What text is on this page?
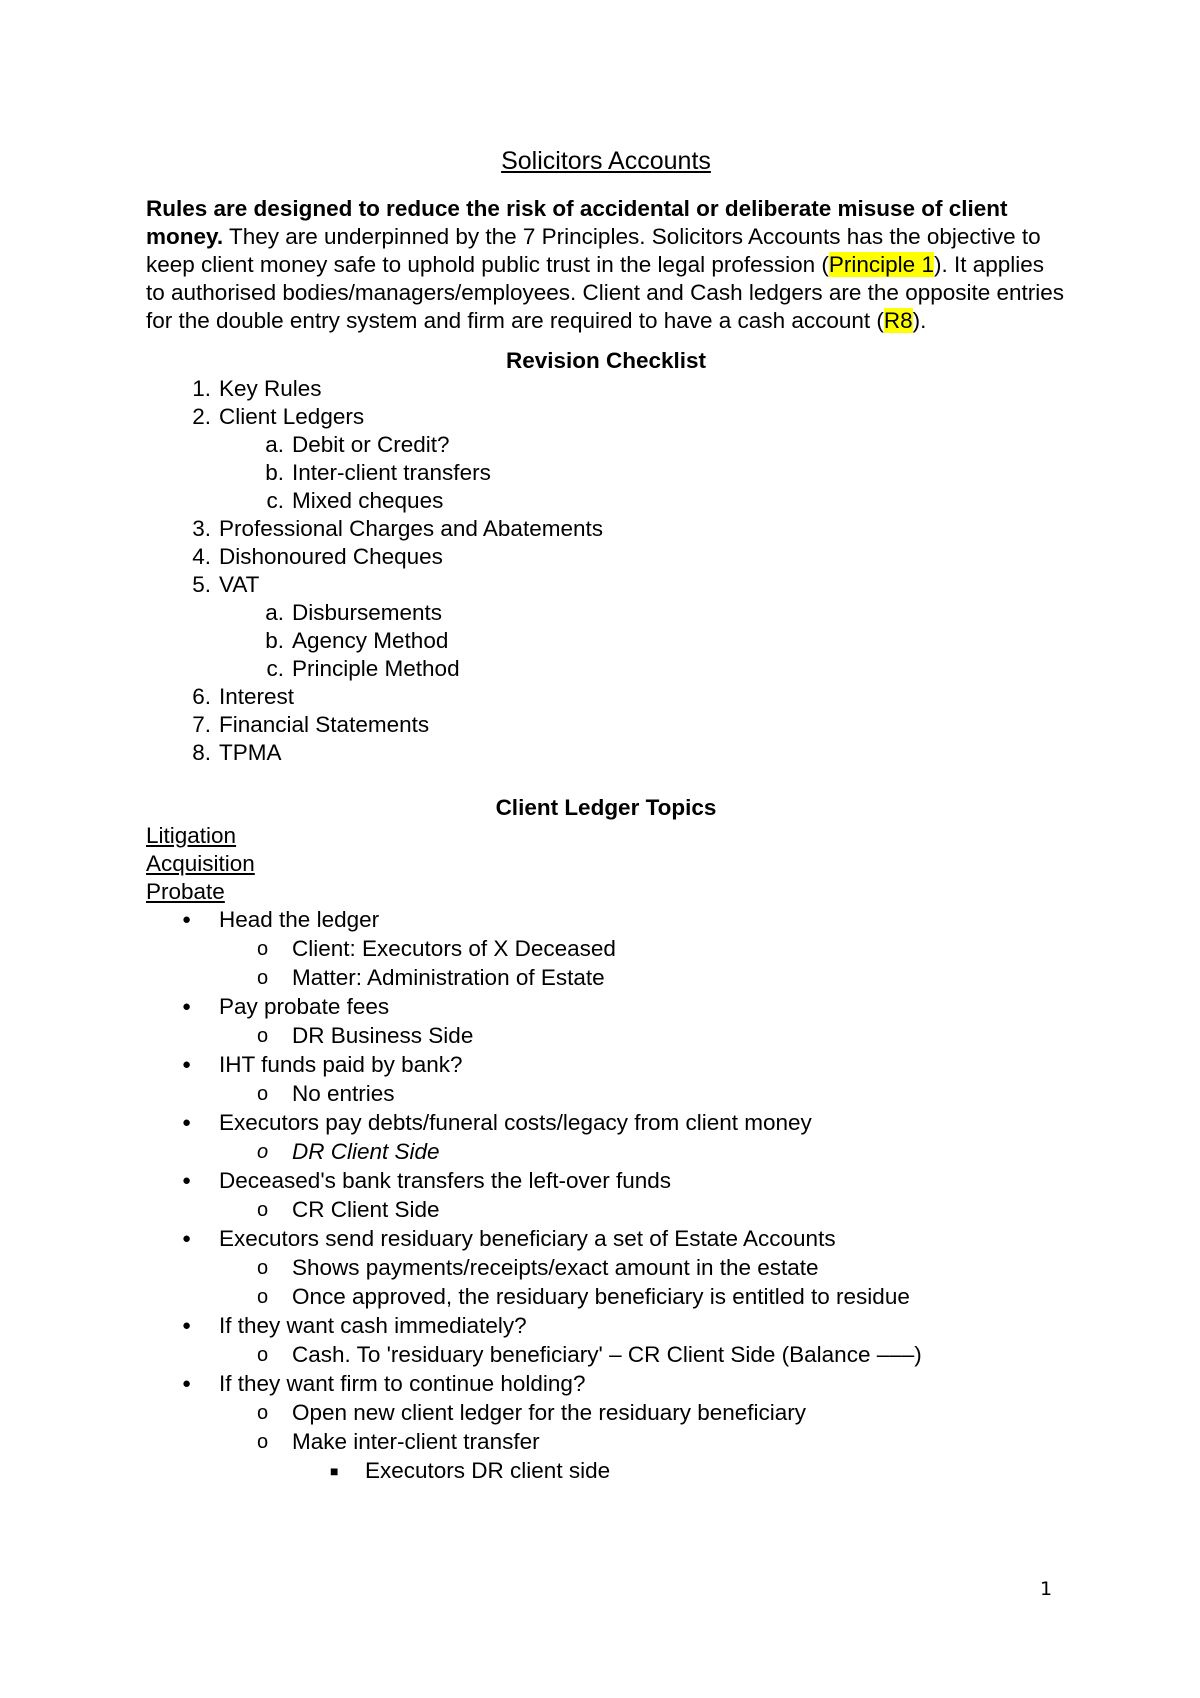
Solicitors Accounts

Rules are designed to reduce the risk of accidental or deliberate misuse of client money. They are underpinned by the 7 Principles. Solicitors Accounts has the objective to keep client money safe to uphold public trust in the legal profession (Principle 1). It applies to authorised bodies/managers/employees. Client and Cash ledgers are the opposite entries for the double entry system and firm are required to have a cash account (R8).

Revision Checklist
1. Key Rules
2. Client Ledgers
a. Debit or Credit?
b. Inter-client transfers
c. Mixed cheques
3. Professional Charges and Abatements
4. Dishonoured Cheques
5. VAT
a. Disbursements
b. Agency Method
c. Principle Method
6. Interest
7. Financial Statements
8. TPMA
Client Ledger Topics
Litigation
Acquisition
Probate
● Head the ledger
o Client: Executors of X Deceased
o Matter: Administration of Estate
● Pay probate fees
o DR Business Side
● IHT funds paid by bank?
o No entries
● Executors pay debts/funeral costs/legacy from client money
o DR Client Side
● Deceased's bank transfers the left-over funds
o CR Client Side
● Executors send residuary beneficiary a set of Estate Accounts
o Shows payments/receipts/exact amount in the estate
o Once approved, the residuary beneficiary is entitled to residue
● If they want cash immediately?
o Cash. To 'residuary beneficiary' – CR Client Side (Balance –––)
● If they want firm to continue holding?
o Open new client ledger for the residuary beneficiary
o Make inter-client transfer
■ Executors DR client side
1
